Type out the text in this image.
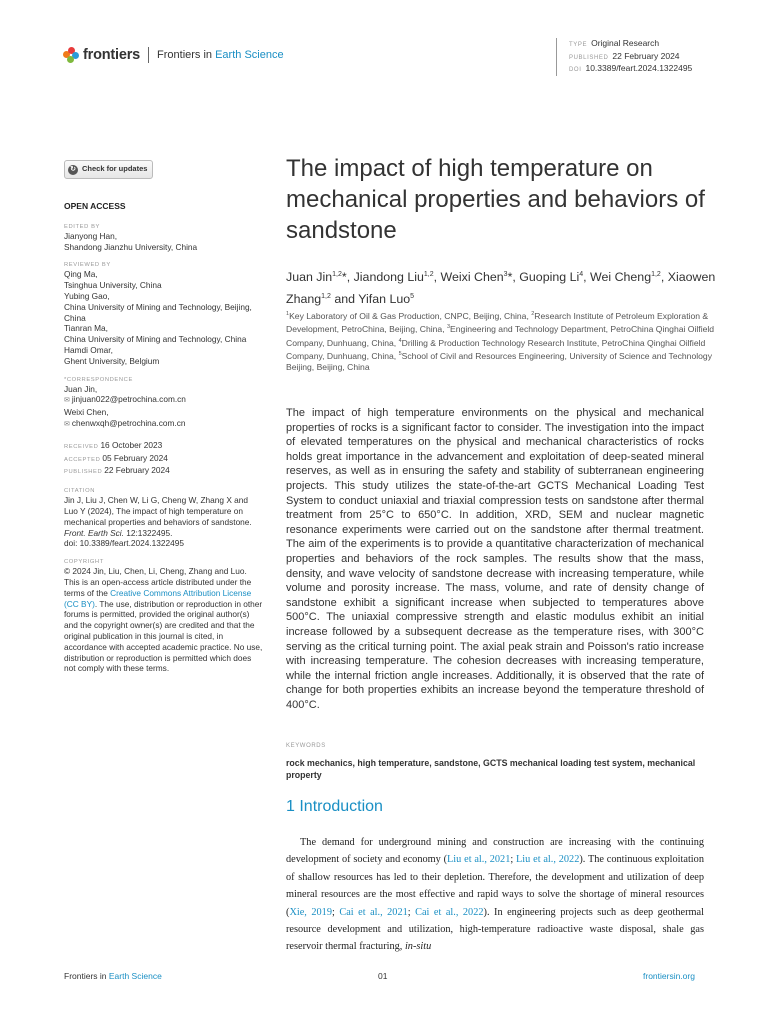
frontiers Frontiers in Earth Science
TYPE Original Research
PUBLISHED 22 February 2024
DOI 10.3389/feart.2024.1322495
↻ Check for updates
OPEN ACCESS
EDITED BY
Jianyong Han,
Shandong Jianzhu University, China
REVIEWED BY
Qing Ma,
Tsinghua University, China
Yubing Gao,
China University of Mining and Technology, Beijing, China
Tianran Ma,
China University of Mining and Technology, China
Hamdi Omar,
Ghent University, Belgium
*CORRESPONDENCE
Juan Jin,
✉ jinjuan022@petrochina.com.cn
Weixi Chen,
✉ chenwxqh@petrochina.com.cn
RECEIVED 16 October 2023
ACCEPTED 05 February 2024
PUBLISHED 22 February 2024
CITATION
Jin J, Liu J, Chen W, Li G, Cheng W, Zhang X and Luo Y (2024), The impact of high temperature on mechanical properties and behaviors of sandstone.
Front. Earth Sci. 12:1322495.
doi: 10.3389/feart.2024.1322495
COPYRIGHT
© 2024 Jin, Liu, Chen, Li, Cheng, Zhang and Luo. This is an open-access article distributed under the terms of the Creative Commons Attribution License (CC BY). The use, distribution or reproduction in other forums is permitted, provided the original author(s) and the copyright owner(s) are credited and that the original publication in this journal is cited, in accordance with accepted academic practice. No use, distribution or reproduction is permitted which does not comply with these terms.
The impact of high temperature on mechanical properties and behaviors of sandstone
Juan Jin$^{1,2}$*, Jiandong Liu$^{1,2}$, Weixi Chen$^3$*, Guoping Li$^4$, Wei Cheng$^{1,2}$, Xiaowen Zhang$^{1,2}$ and Yifan Luo$^5$
$^1$Key Laboratory of Oil & Gas Production, CNPC, Beijing, China, $^2$Research Institute of Petroleum Exploration & Development, PetroChina, Beijing, China, $^3$Engineering and Technology Department, PetroChina Qinghai Oilfield Company, Dunhuang, China, $^4$Drilling & Production Technology Research Institute, PetroChina Qinghai Oilfield Company, Dunhuang, China, $^5$School of Civil and Resources Engineering, University of Science and Technology Beijing, Beijing, China
The impact of high temperature environments on the physical and mechanical properties of rocks is a significant factor to consider. The investigation into the impact of elevated temperatures on the physical and mechanical characteristics of rocks holds great importance in the advancement and exploitation of deep-seated mineral reserves, as well as in ensuring the safety and stability of subterranean engineering projects. This study utilizes the state-of-the-art GCTS Mechanical Loading Test System to conduct uniaxial and triaxial compression tests on sandstone after thermal treatment from 25°C to 650°C. In addition, XRD, SEM and nuclear magnetic resonance experiments were carried out on the sandstone after thermal treatment. The aim of the experiments is to provide a quantitative characterization of mechanical properties and behaviors of the rock samples. The results show that the mass, density, and wave velocity of sandstone decrease with increasing temperature, while volume and porosity increase. The mass, volume, and rate of density change of sandstone exhibit a significant increase when subjected to temperatures above 500°C. The uniaxial compressive strength and elastic modulus exhibit an initial increase followed by a subsequent decrease as the temperature rises, with 300°C serving as the critical turning point. The axial peak strain and Poisson's ratio increase with increasing temperature. The cohesion decreases with increasing temperature, while the internal friction angle increases. Additionally, it is observed that the rate of change for both properties exhibits an increase beyond the temperature threshold of 400°C.
KEYWORDS
rock mechanics, high temperature, sandstone, GCTS mechanical loading test system, mechanical property
1 Introduction
The demand for underground mining and construction are increasing with the continuing development of society and economy (Liu et al., 2021; Liu et al., 2022). The continuous exploitation of shallow resources has led to their depletion. Therefore, the development and utilization of deep mineral resources are the most effective and rapid ways to solve the shortage of mineral resources (Xie, 2019; Cai et al., 2021; Cai et al., 2022). In engineering projects such as deep geothermal resource development and utilization, high-temperature radioactive waste disposal, shale gas reservoir thermal fracturing, in-situ
Frontiers in Earth Science	01	frontiersin.org
